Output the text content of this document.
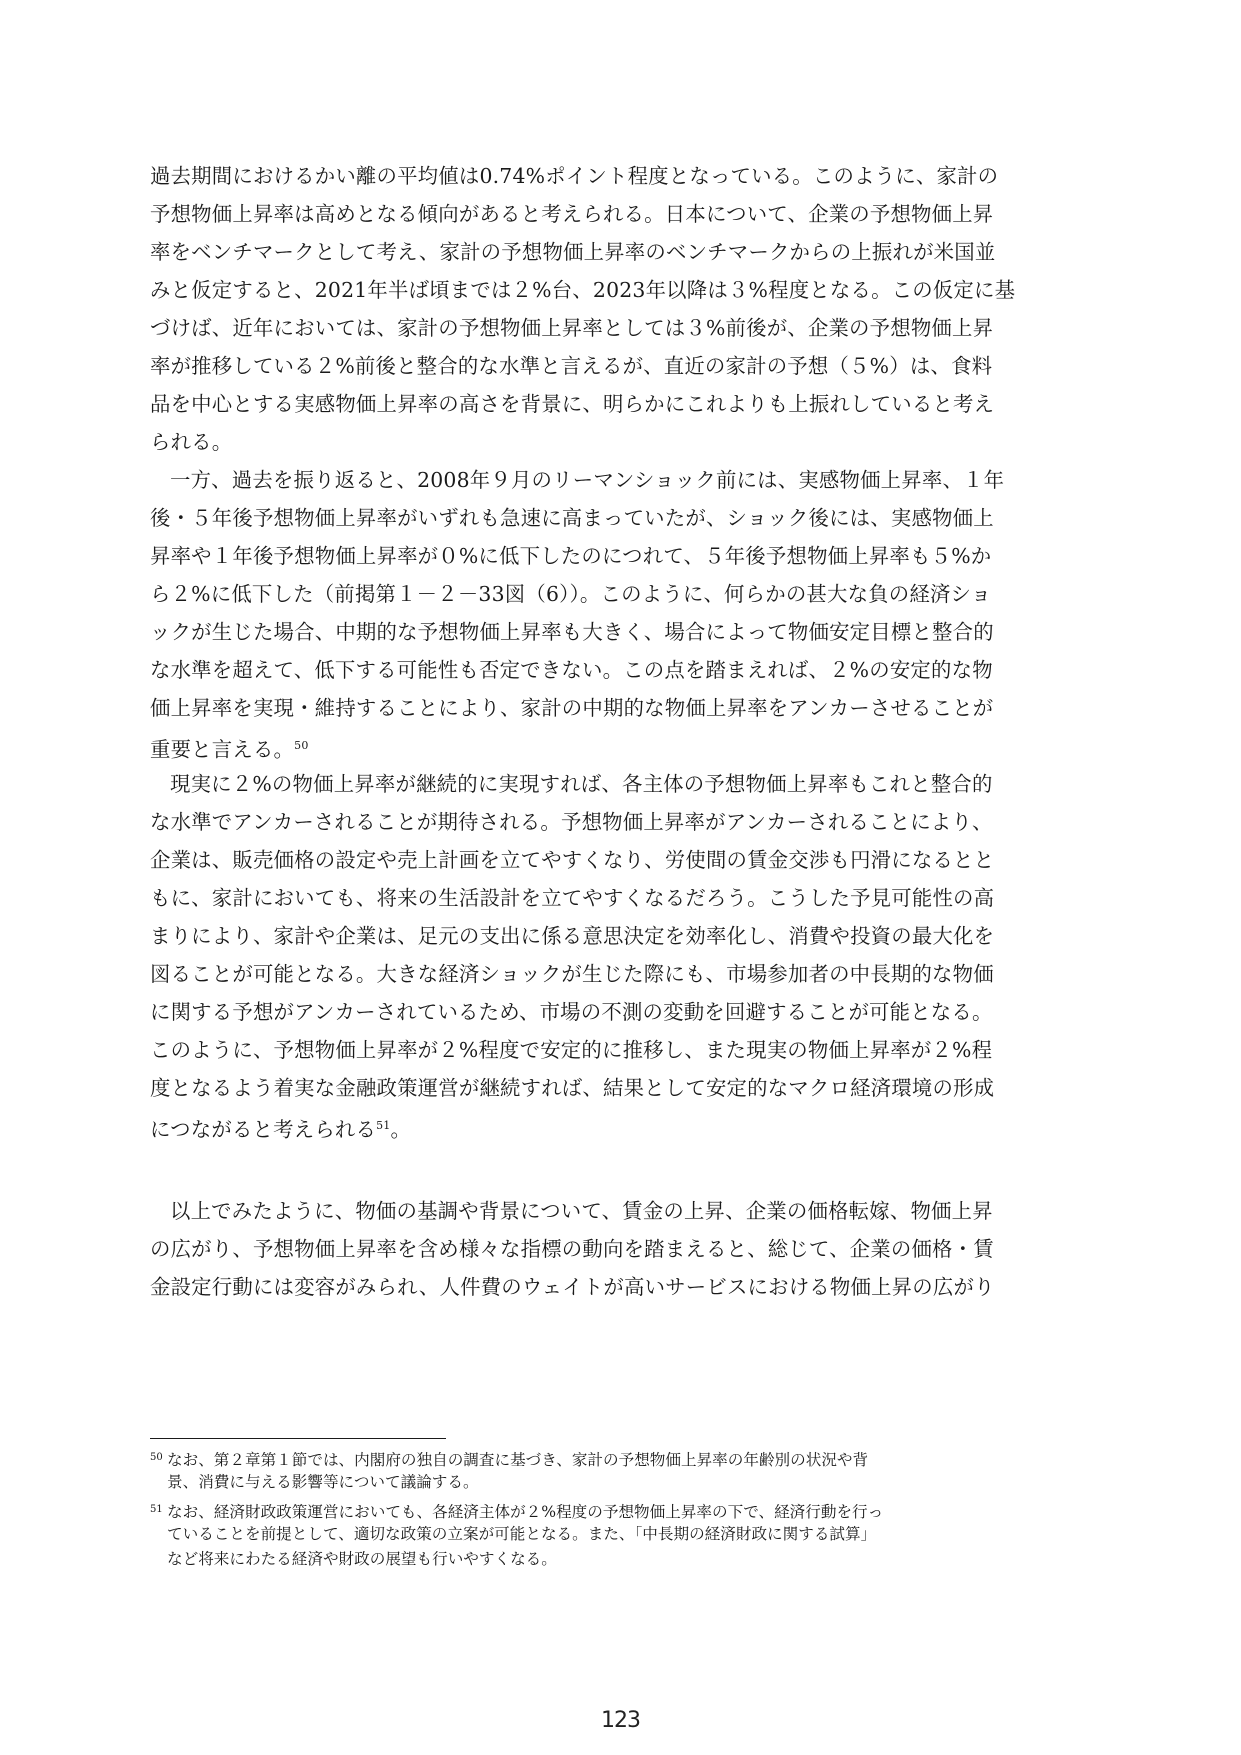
過去期間におけるかい離の平均値は0.74%ポイント程度となっている。このように、家計の
予想物価上昇率は高めとなる傾向があると考えられる。日本について、企業の予想物価上昇
率をベンチマークとして考え、家計の予想物価上昇率のベンチマークからの上振れが米国並
みと仮定すると、2021年半ば頃までは２%台、2023年以降は３%程度となる。この仮定に基
づけば、近年においては、家計の予想物価上昇率としては３%前後が、企業の予想物価上昇
率が推移している２%前後と整合的な水準と言えるが、直近の家計の予想（５%）は、食料
品を中心とする実感物価上昇率の高さを背景に、明らかにこれよりも上振れしていると考え
られる。
一方、過去を振り返ると、2008年９月のリーマンショック前には、実感物価上昇率、１年
後・５年後予想物価上昇率がいずれも急速に高まっていたが、ショック後には、実感物価上
昇率や１年後予想物価上昇率が０%に低下したのにつれて、５年後予想物価上昇率も５%か
ら２%に低下した（前掲第１－２－33図（6））。このように、何らかの甚大な負の経済ショ
ックが生じた場合、中期的な予想物価上昇率も大きく、場合によって物価安定目標と整合的
な水準を超えて、低下する可能性も否定できない。この点を踏まえれば、２%の安定的な物
価上昇率を実現・維持することにより、家計の中期的な物価上昇率をアンカーさせることが
重要と言える。$^{50}$
現実に２%の物価上昇率が継続的に実現すれば、各主体の予想物価上昇率もこれと整合的
な水準でアンカーされることが期待される。予想物価上昇率がアンカーされることにより、
企業は、販売価格の設定や売上計画を立てやすくなり、労使間の賃金交渉も円滑になるとと
もに、家計においても、将来の生活設計を立てやすくなるだろう。こうした予見可能性の高
まりにより、家計や企業は、足元の支出に係る意思決定を効率化し、消費や投資の最大化を
図ることが可能となる。大きな経済ショックが生じた際にも、市場参加者の中長期的な物価
に関する予想がアンカーされているため、市場の不測の変動を回避することが可能となる。
このように、予想物価上昇率が２%程度で安定的に推移し、また現実の物価上昇率が２%程
度となるよう着実な金融政策運営が継続すれば、結果として安定的なマクロ経済環境の形成
につながると考えられる$^{51}$。
以上でみたように、物価の基調や背景について、賃金の上昇、企業の価格転嫁、物価上昇
の広がり、予想物価上昇率を含め様々な指標の動向を踏まえると、総じて、企業の価格・賃
金設定行動には変容がみられ、人件費のウェイトが高いサービスにおける物価上昇の広がり
50 なお、第２章第１節では、内閣府の独自の調査に基づき、家計の予想物価上昇率の年齢別の状況や背
景、消費に与える影響等について議論する。
51 なお、経済財政政策運営においても、各経済主体が２%程度の予想物価上昇率の下で、経済行動を行っ
ていることを前提として、適切な政策の立案が可能となる。また、「中長期の経済財政に関する試算」
など将来にわたる経済や財政の展望も行いやすくなる。
123
